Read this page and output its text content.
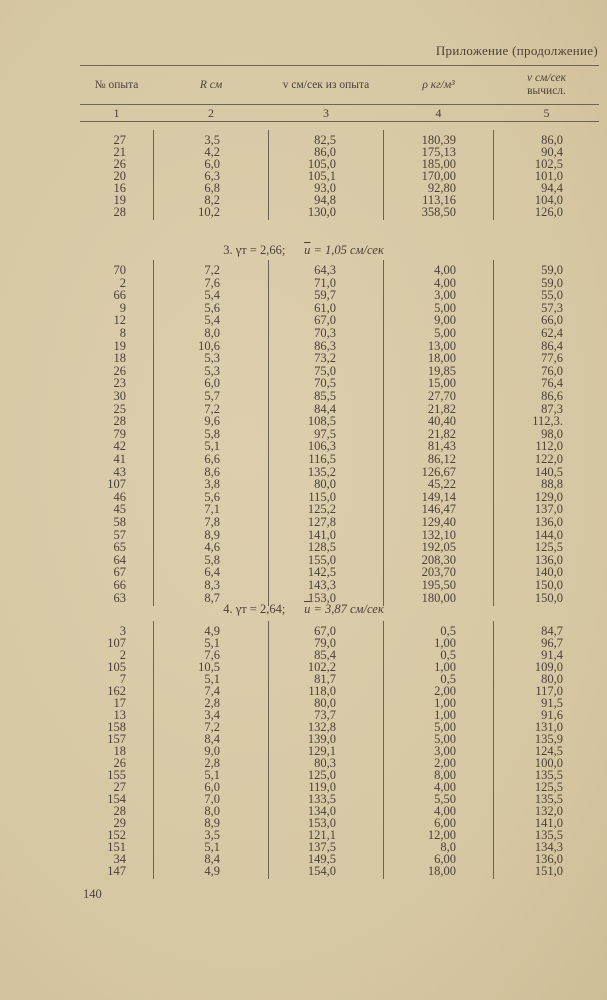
Приложение (продолжение)
№ опыта	R см	v см/сек из опыта	ρ кг/м³
v см/сек
вычисл.
1	2	3	4	5
27	3,5	82,5	180,39	86,0
21	4,2	86,0	175,13	90,4
26	6,0	105,0	185,00	102,5
20	6,3	105,1	170,00	101,0
16	6,8	93,0	92,80	94,4
19	8,2	94,8	113,16	104,0
28	10,2	130,0	358,50	126,0
3. γт = 2,66; $\overline{u} = 1,05$ см/сек
70	7,2	64,3	4,00	59,0
2	7,6	71,0	4,00	59,0
66	5,4	59,7	3,00	55,0
9	5,6	61,0	5,00	57,3
12	5,4	67,0	9,00	66,0
8	8,0	70,3	5,00	62,4
19	10,6	86,3	13,00	86,4
18	5,3	73,2	18,00	77,6
26	5,3	75,0	19,85	76,0
23	6,0	70,5	15,00	76,4
30	5,7	85,5	27,70	86,6
25	7,2	84,4	21,82	87,3
28	9,6	108,5	40,40	112,3.
79	5,8	97,5	21,82	98,0
42	5,1	106,3	81,43	112,0
41	6,6	116,5	86,12	122,0
43	8,6	135,2	126,67	140,5
107	3,8	80,0	45,22	88,8
46	5,6	115,0	149,14	129,0
45	7,1	125,2	146,47	137,0
58	7,8	127,8	129,40	136,0
57	8,9	141,0	132,10	144,0
65	4,6	128,5	192,05	125,5
64	5,8	155,0	208,30	136,0
67	6,4	142,5	203,70	140,0
66	8,3	143,3	195,50	150,0
63	8,7	153,0	180,00	150,0
4. γт = 2,64; $\overline{u} = 3,87$ см/сек
3	4,9	67,0	0,5	84,7
107	5,1	79,0	1,00	96,7
2	7,6	85,4	0,5	91,4
105	10,5	102,2	1,00	109,0
7	5,1	81,7	0,5	80,0
162	7,4	118,0	2,00	117,0
17	2,8	80,0	1,00	91,5
13	3,4	73,7	1,00	91,6
158	7,2	132,8	5,00	131,0
157	8,4	139,0	5,00	135,9
18	9,0	129,1	3,00	124,5
26	2,8	80,3	2,00	100,0
155	5,1	125,0	8,00	135,5
27	6,0	119,0	4,00	125,5
154	7,0	133,5	5,50	135,5
28	8,0	134,0	4,00	132,0
29	8,9	153,0	6,00	141,0
152	3,5	121,1	12,00	135,5
151	5,1	137,5	8,0	134,3
34	8,4	149,5	6,00	136,0
147	4,9	154,0	18,00	151,0
140
